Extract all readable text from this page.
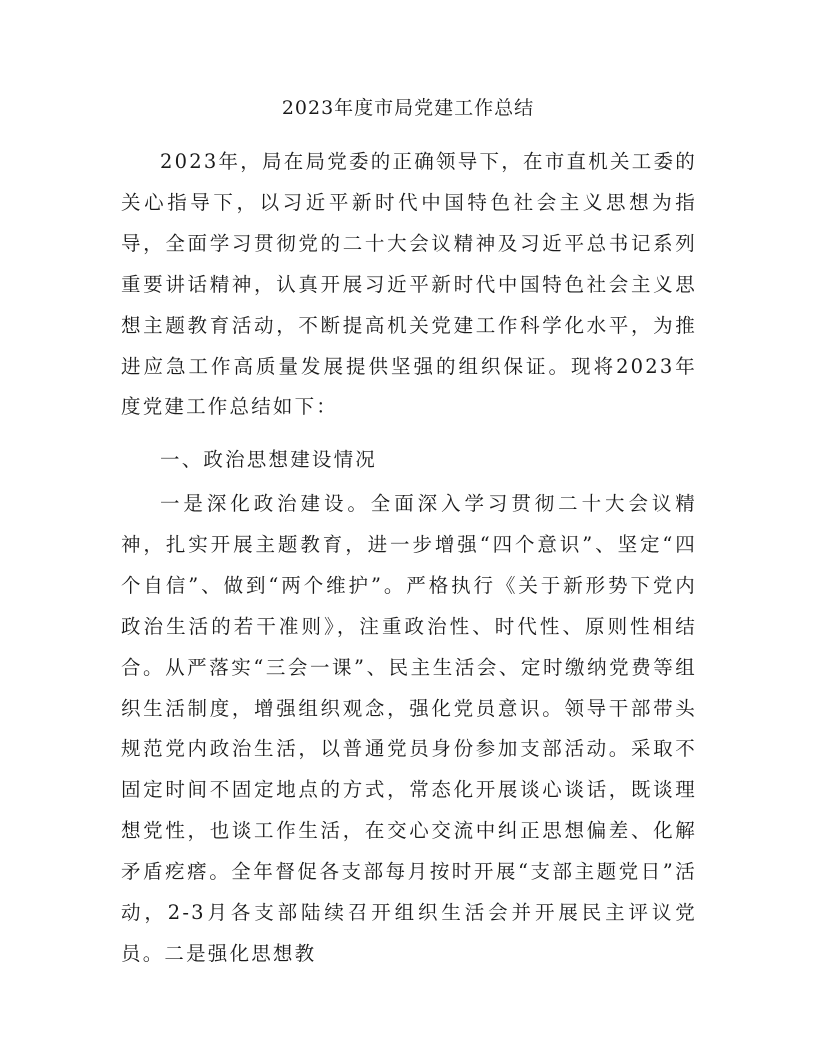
2023年度市局党建工作总结

2023年，局在局党委的正确领导下，在市直机关工委的关心指导下，以习近平新时代中国特色社会主义思想为指导，全面学习贯彻党的二十大会议精神及习近平总书记系列重要讲话精神，认真开展习近平新时代中国特色社会主义思想主题教育活动，不断提高机关党建工作科学化水平，为推进应急工作高质量发展提供坚强的组织保证。现将2023年度党建工作总结如下：

一、政治思想建设情况

一是深化政治建设。全面深入学习贯彻二十大会议精神，扎实开展主题教育，进一步增强“四个意识”、坚定“四个自信”、做到“两个维护”。严格执行《关于新形势下党内政治生活的若干准则》，注重政治性、时代性、原则性相结合。从严落实“三会一课”、民主生活会、定时缴纳党费等组织生活制度，增强组织观念，强化党员意识。领导干部带头规范党内政治生活，以普通党员身份参加支部活动。采取不固定时间不固定地点的方式，常态化开展谈心谈话，既谈理想党性，也谈工作生活，在交心交流中纠正思想偏差、化解矛盾疙瘩。全年督促各支部每月按时开展“支部主题党日”活动，2-3月各支部陆续召开组织生活会并开展民主评议党员。二是强化思想教
